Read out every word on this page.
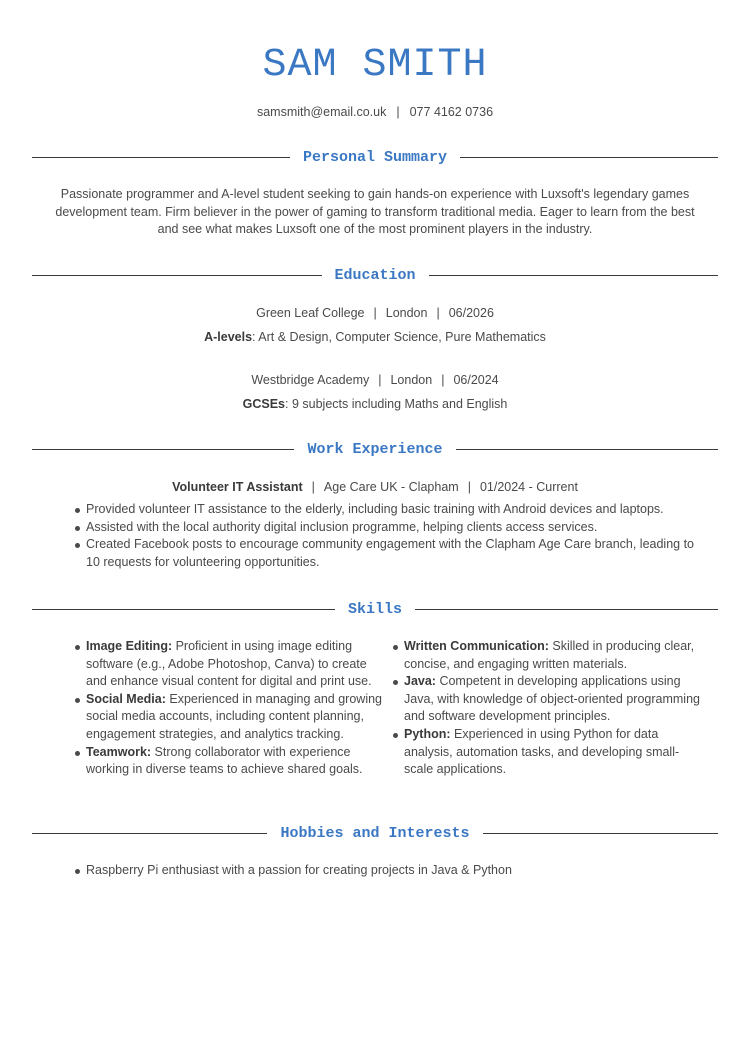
SAM SMITH
samsmith@email.co.uk | 077 4162 0736
Personal Summary
Passionate programmer and A-level student seeking to gain hands-on experience with Luxsoft's legendary games development team. Firm believer in the power of gaming to transform traditional media. Eager to learn from the best and see what makes Luxsoft one of the most prominent players in the industry.
Education
Green Leaf College | London | 06/2026
A-levels: Art & Design, Computer Science, Pure Mathematics
Westbridge Academy | London | 06/2024
GCSEs: 9 subjects including Maths and English
Work Experience
Volunteer IT Assistant | Age Care UK - Clapham | 01/2024 - Current
Provided volunteer IT assistance to the elderly, including basic training with Android devices and laptops.
Assisted with the local authority digital inclusion programme, helping clients access services.
Created Facebook posts to encourage community engagement with the Clapham Age Care branch, leading to 10 requests for volunteering opportunities.
Skills
Image Editing: Proficient in using image editing software (e.g., Adobe Photoshop, Canva) to create and enhance visual content for digital and print use.
Social Media: Experienced in managing and growing social media accounts, including content planning, engagement strategies, and analytics tracking.
Teamwork: Strong collaborator with experience working in diverse teams to achieve shared goals.
Written Communication: Skilled in producing clear, concise, and engaging written materials.
Java: Competent in developing applications using Java, with knowledge of object-oriented programming and software development principles.
Python: Experienced in using Python for data analysis, automation tasks, and developing small-scale applications.
Hobbies and Interests
Raspberry Pi enthusiast with a passion for creating projects in Java & Python
